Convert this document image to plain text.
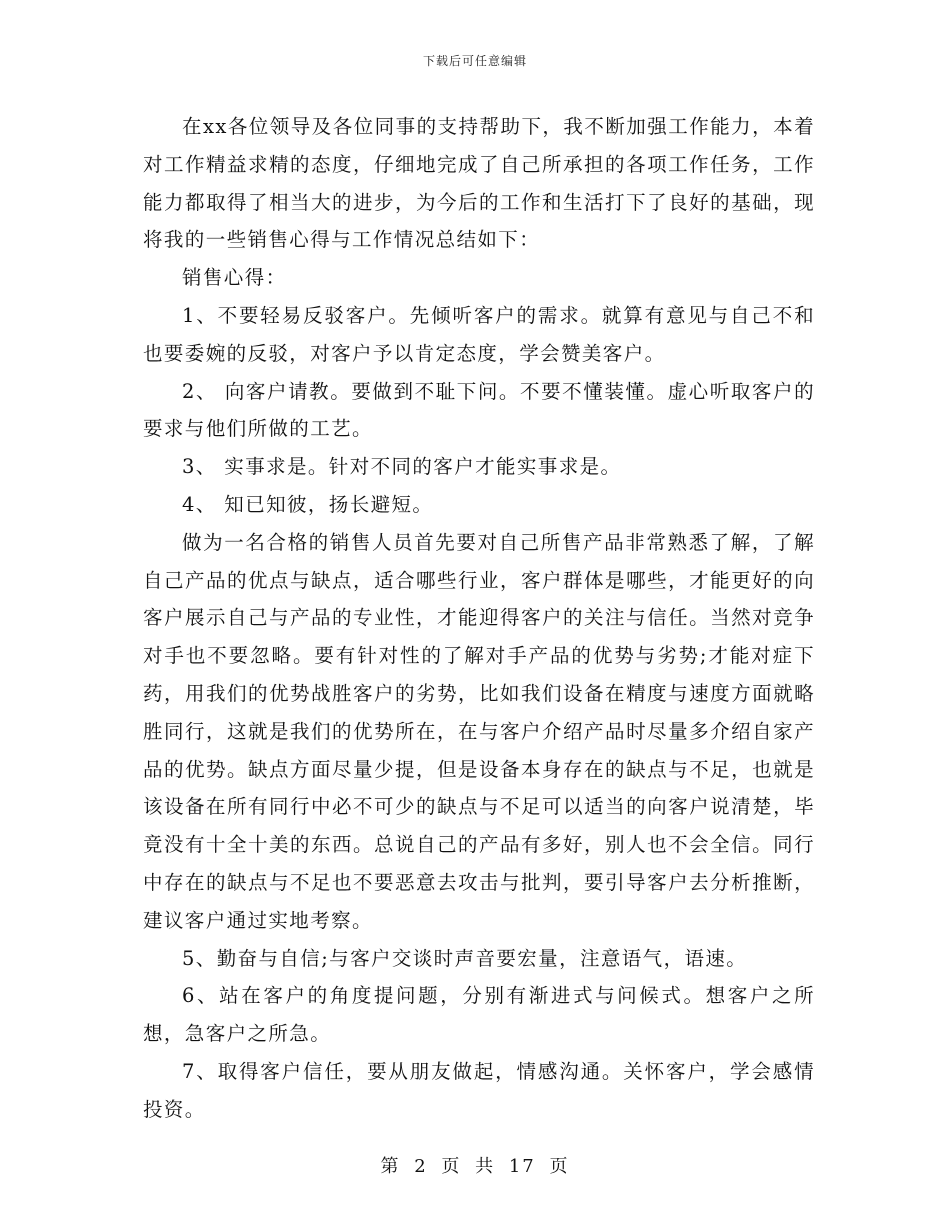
下载后可任意编辑

在xx各位领导及各位同事的支持帮助下，我不断加强工作能力，本着对工作精益求精的态度，仔细地完成了自己所承担的各项工作任务，工作能力都取得了相当大的进步，为今后的工作和生活打下了良好的基础，现将我的一些销售心得与工作情况总结如下：

销售心得：

1、不要轻易反驳客户。先倾听客户的需求。就算有意见与自己不和也要委婉的反驳，对客户予以肯定态度，学会赞美客户。

2、 向客户请教。要做到不耻下问。不要不懂装懂。虚心听取客户的要求与他们所做的工艺。

3、 实事求是。针对不同的客户才能实事求是。

4、 知已知彼，扬长避短。

做为一名合格的销售人员首先要对自己所售产品非常熟悉了解，了解自己产品的优点与缺点，适合哪些行业，客户群体是哪些，才能更好的向客户展示自己与产品的专业性，才能迎得客户的关注与信任。当然对竞争对手也不要忽略。要有针对性的了解对手产品的优势与劣势;才能对症下药，用我们的优势战胜客户的劣势，比如我们设备在精度与速度方面就略胜同行，这就是我们的优势所在，在与客户介绍产品时尽量多介绍自家产品的优势。缺点方面尽量少提，但是设备本身存在的缺点与不足，也就是该设备在所有同行中必不可少的缺点与不足可以适当的向客户说清楚，毕竟没有十全十美的东西。总说自己的产品有多好，别人也不会全信。同行中存在的缺点与不足也不要恶意去攻击与批判，要引导客户去分析推断，建议客户通过实地考察。

5、勤奋与自信;与客户交谈时声音要宏量，注意语气，语速。

6、站在客户的角度提问题，分别有渐进式与问候式。想客户之所想，急客户之所急。

7、取得客户信任，要从朋友做起，情感沟通。关怀客户，学会感情投资。

第 2 页 共 17 页
